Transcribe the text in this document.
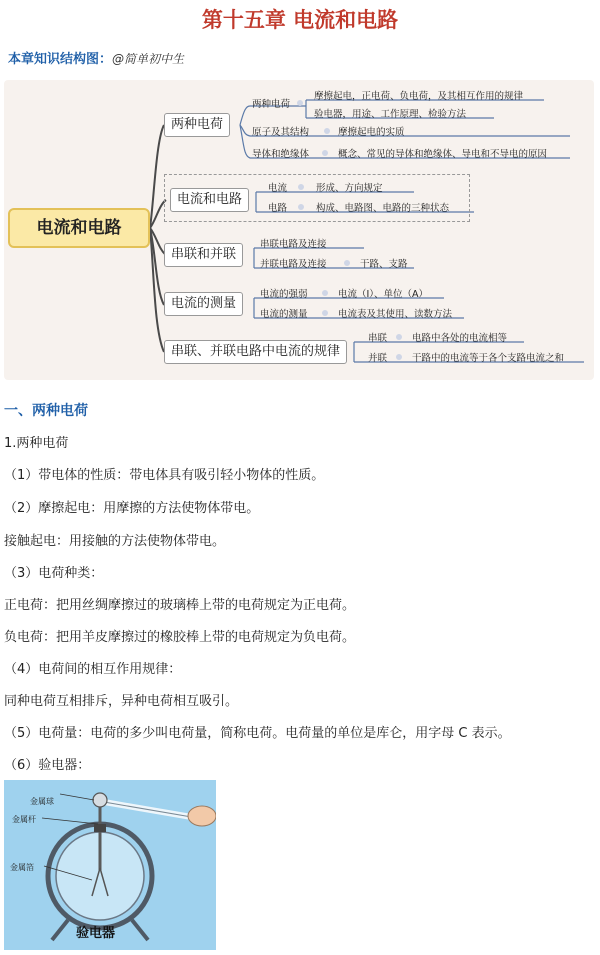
第十五章 电流和电路
本章知识结构图：@简单初中生
电流和电路
两种电荷
电流和电路
串联和并联
电流的测量
串联、并联电路中电流的规律
两种电荷
摩擦起电，正电荷、负电荷，及其相互作用的规律
验电器，用途、工作原理、检验方法
原子及其结构	摩擦起电的实质
导体和绝缘体	概念、常见的导体和绝缘体、导电和不导电的原因
电流	形成、方向规定
电路	构成、电路图、电路的三种状态
串联电路及连接
并联电路及连接	干路、支路
电流的强弱	电流（I）、单位（A）
电流的测量	电流表及其使用、读数方法
串联	电路中各处的电流相等
并联	干路中的电流等于各个支路电流之和
一、两种电荷
1.两种电荷
（1）带电体的性质：带电体具有吸引轻小物体的性质。
（2）摩擦起电：用摩擦的方法使物体带电。
接触起电：用接触的方法使物体带电。
（3）电荷种类：
正电荷：把用丝绸摩擦过的玻璃棒上带的电荷规定为正电荷。
负电荷：把用羊皮摩擦过的橡胶棒上带的电荷规定为负电荷。
（4）电荷间的相互作用规律：
同种电荷互相排斥，异种电荷相互吸引。
（5）电荷量：电荷的多少叫电荷量，简称电荷。电荷量的单位是库仑，用字母 C 表示。
（6）验电器：
金属球
金属杆
金属箔
验电器
